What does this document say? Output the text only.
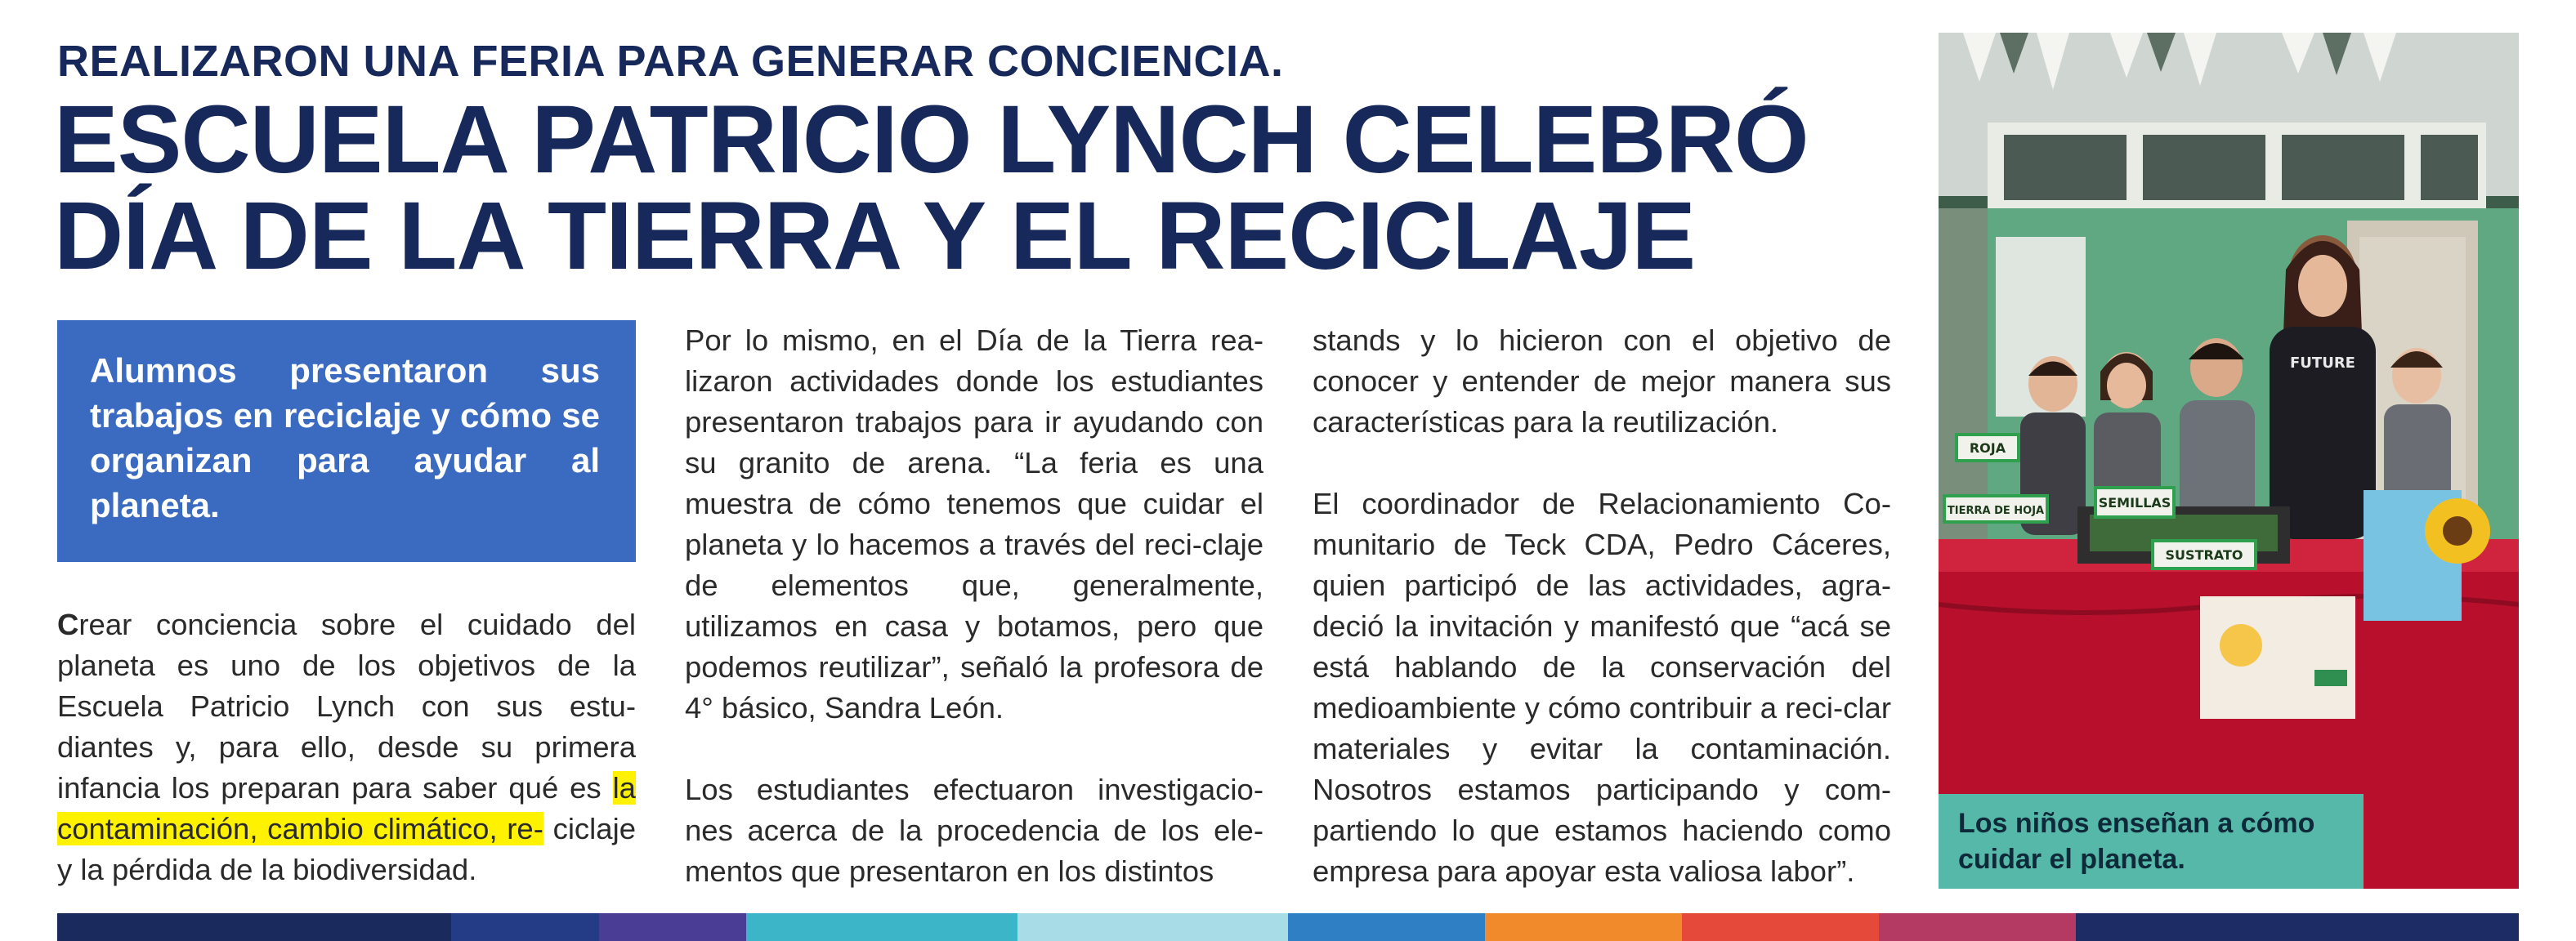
REALIZARON UNA FERIA PARA GENERAR CONCIENCIA.
ESCUELA PATRICIO LYNCH CELEBRÓ
DÍA DE LA TIERRA Y EL RECICLAJE
Alumnos presentaron sus trabajos en reciclaje y cómo se organizan para ayudar al planeta.

Crear conciencia sobre el cuidado del planeta es uno de los objetivos de la Escuela Patricio Lynch con sus estu-diantes y, para ello, desde su primera infancia los preparan para saber qué es la contaminación, cambio climático, re- ciclaje y la pérdida de la biodiversidad.

Por lo mismo, en el Día de la Tierra rea-lizaron actividades donde los estudiantes presentaron trabajos para ir ayudando con su granito de arena. “La feria es una muestra de cómo tenemos que cuidar el planeta y lo hacemos a través del reci-claje de elementos que, generalmente, utilizamos en casa y botamos, pero que podemos reutilizar”, señaló la profesora de 4° básico, Sandra León.

Los estudiantes efectuaron investigacio-nes acerca de la procedencia de los ele-mentos que presentaron en los distintos

stands y lo hicieron con el objetivo de conocer y entender de mejor manera sus características para la reutilización.

El coordinador de Relacionamiento Co-munitario de Teck CDA, Pedro Cáceres, quien participó de las actividades, agra-deció la invitación y manifestó que “acá se está hablando de la conservación del medioambiente y cómo contribuir a reci-clar materiales y evitar la contaminación. Nosotros estamos participando y com-partiendo lo que estamos haciendo como empresa para apoyar esta valiosa labor”.

ROJA
TIERRA DE HOJA
SEMILLAS
SUSTRATO
FUTURE
Los niños enseñan a cómo cuidar el planeta.
